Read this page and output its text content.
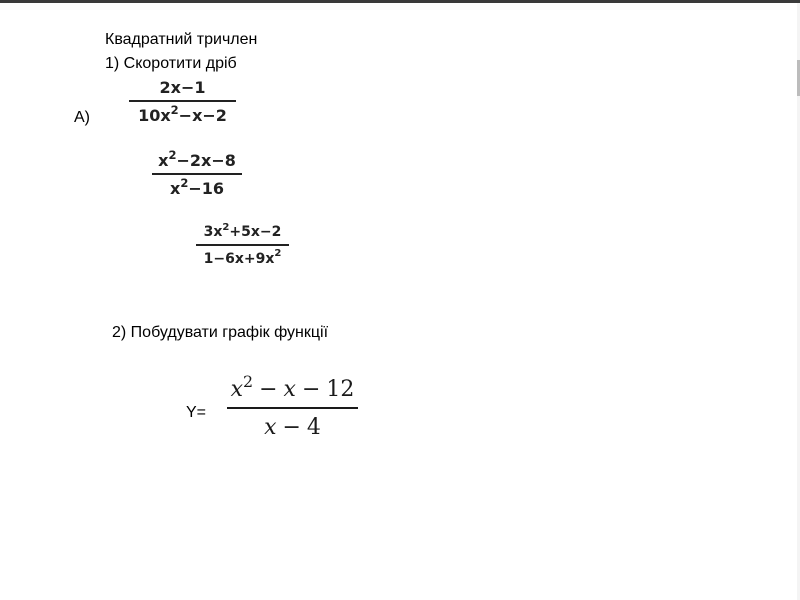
Квадратний тричлен
1) Скоротити дріб
А)
2x−1
$10x^2-x-2$
$x^2-2x-8$
$x^2-16$
$3x^2+5x-2$
$1-6x+9x^2$
2) Побудувати графік функції
Y=
$x^2 - x - 12$
x − 4
